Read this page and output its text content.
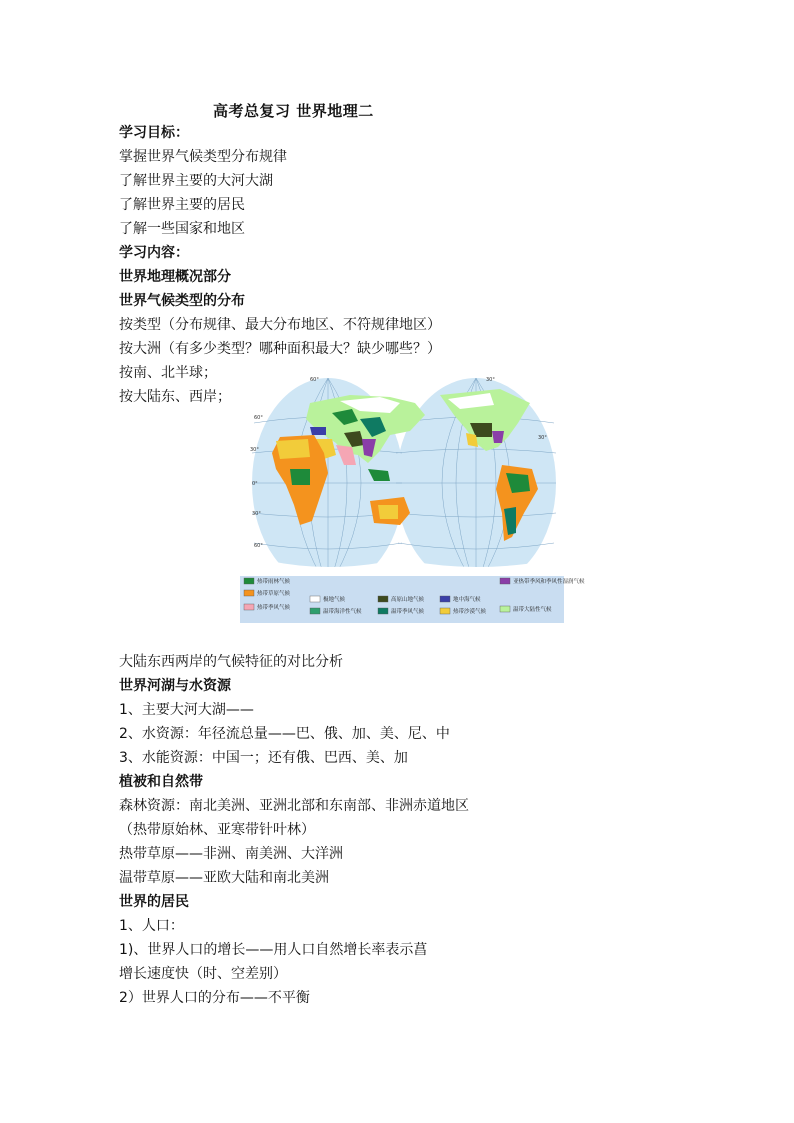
高考总复习 世界地理二
学习目标：
掌握世界气候类型分布规律
了解世界主要的大河大湖
了解世界主要的居民
了解一些国家和地区
学习内容：
世界地理概况部分
世界气候类型的分布
按类型（分布规律、最大分布地区、不符规律地区）
按大洲（有多少类型？哪种面积最大？缺少哪些？）
按南、北半球；
按大陆东、西岸；
60°
30°
0°
30°
60°
60°	30°
30°
热带雨林气候
热带草原气候
热带季风气候
极地气候
温带海洋性气候
高原山地气候
温带季风气候
地中海气候
热带沙漠气候
亚热带季风和季风性湿润气候
温带大陆性气候
大陆东西两岸的气候特征的对比分析
世界河湖与水资源
1、主要大河大湖——
2、水资源：年径流总量——巴、俄、加、美、尼、中
3、水能资源：中国一；还有俄、巴西、美、加
植被和自然带
森林资源：南北美洲、亚洲北部和东南部、非洲赤道地区
（热带原始林、亚寒带针叶林）
热带草原——非洲、南美洲、大洋洲
温带草原——亚欧大陆和南北美洲
世界的居民
1、人口：
1)、世界人口的增长——用人口自然增长率表示菖
增长速度快（时、空差别）
2）世界人口的分布——不平衡
